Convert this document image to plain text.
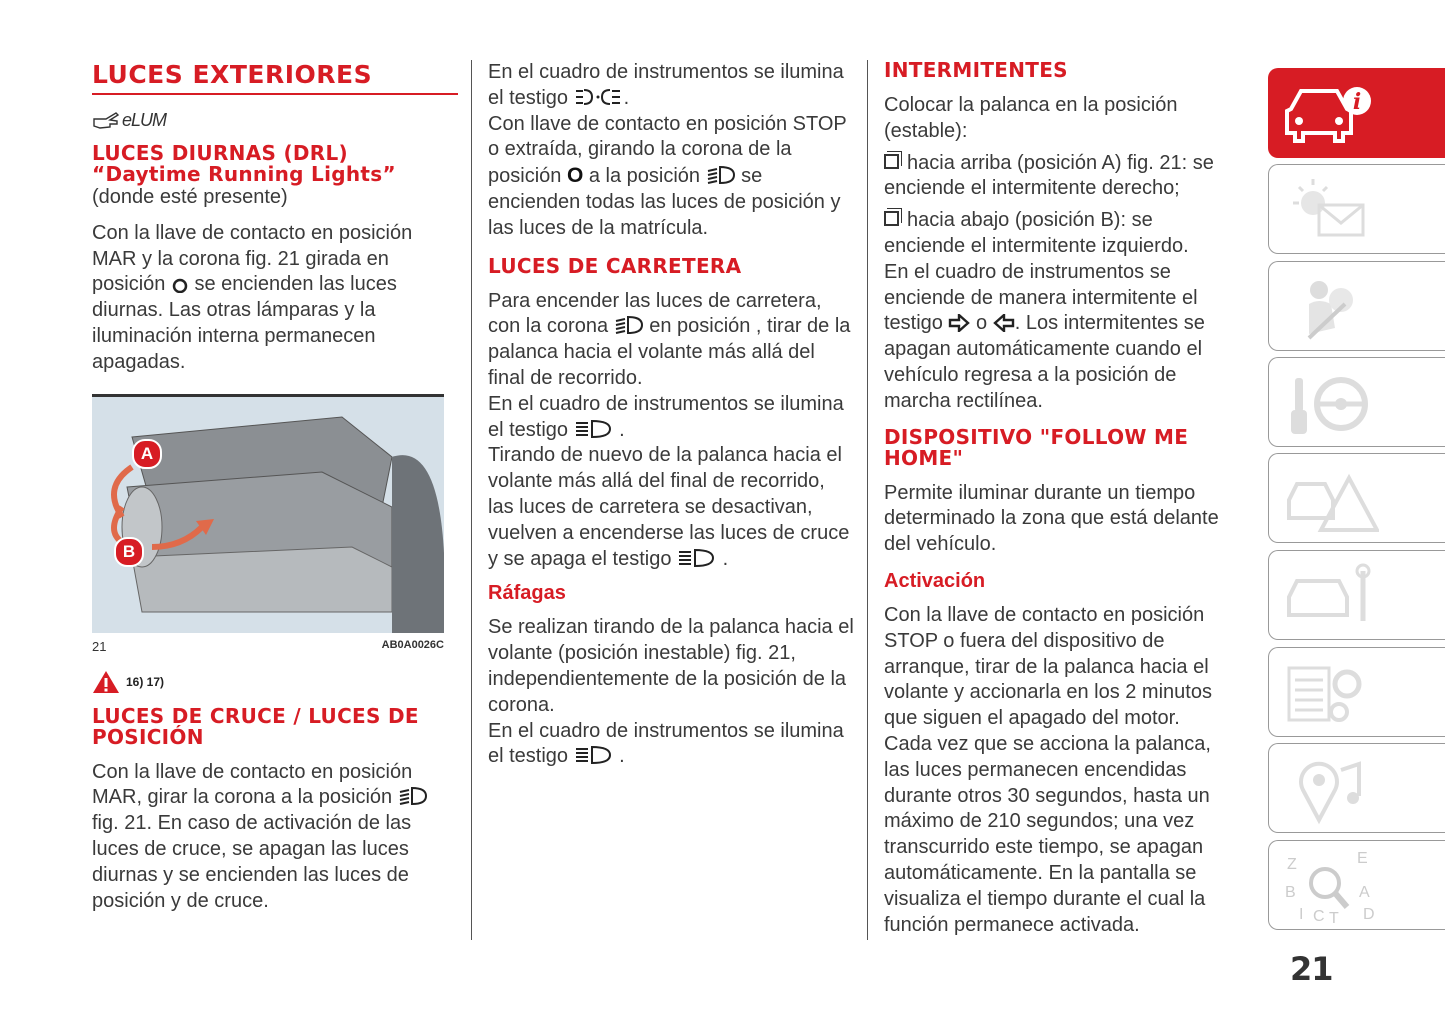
LUCES EXTERIORES
eLUM
LUCES DIURNAS (DRL) “Daytime Running Lights”

(donde esté presente)

Con la llave de contacto en posición MAR y la corona fig. 21 girada en posición  se encienden las luces diurnas. Las otras lámparas y la iluminación interna permanecen apagadas.

A
B
21	AB0A0026C
16) 17)
LUCES DE CRUCE / LUCES DE POSICIÓN

Con la llave de contacto en posición MAR, girar la corona a la posición  fig. 21. En caso de activación de las luces de cruce, se apagan las luces diurnas y se encienden las luces de posición y de cruce.

En el cuadro de instrumentos se ilumina el testigo	.

Con llave de contacto en posición STOP o extraída, girando la corona de la posición O a la posición  se encienden todas las luces de posición y las luces de la matrícula.

LUCES DE CARRETERA

Para encender las luces de carretera, con la corona  en posición , tirar de la palanca hacia el volante más allá del final de recorrido.

En el cuadro de instrumentos se ilumina el testigo  .

Tirando de nuevo de la palanca hacia el volante más allá del final de recorrido, las luces de carretera se desactivan, vuelven a encenderse las luces de cruce y se apaga el testigo  .

Ráfagas

Se realizan tirando de la palanca hacia el volante (posición inestable) fig. 21, independientemente de la posición de la corona.

En el cuadro de instrumentos se ilumina el testigo  .

INTERMITENTES

Colocar la palanca en la posición (estable):

hacia arriba (posición A) fig. 21: se enciende el intermitente derecho;

hacia abajo (posición B): se enciende el intermitente izquierdo.

En el cuadro de instrumentos se enciende de manera intermitente el testigo  o . Los intermitentes se apagan automáticamente cuando el vehículo regresa a la posición de marcha rectilínea.

DISPOSITIVO "FOLLOW ME HOME"

Permite iluminar durante un tiempo determinado la zona que está delante del vehículo.

Activación

Con la llave de contacto en posición STOP o fuera del dispositivo de arranque, tirar de la palanca hacia el volante y accionarla en los 2 minutos que siguen el apagado del motor.

Cada vez que se acciona la palanca, las luces permanecen encendidas durante otros 30 segundos, hasta un máximo de 210 segundos; una vez transcurrido este tiempo, se apagan automáticamente. En la pantalla se visualiza el tiempo durante el cual la función permanece activada.

i
Z	E
B	A
I C T D
21
